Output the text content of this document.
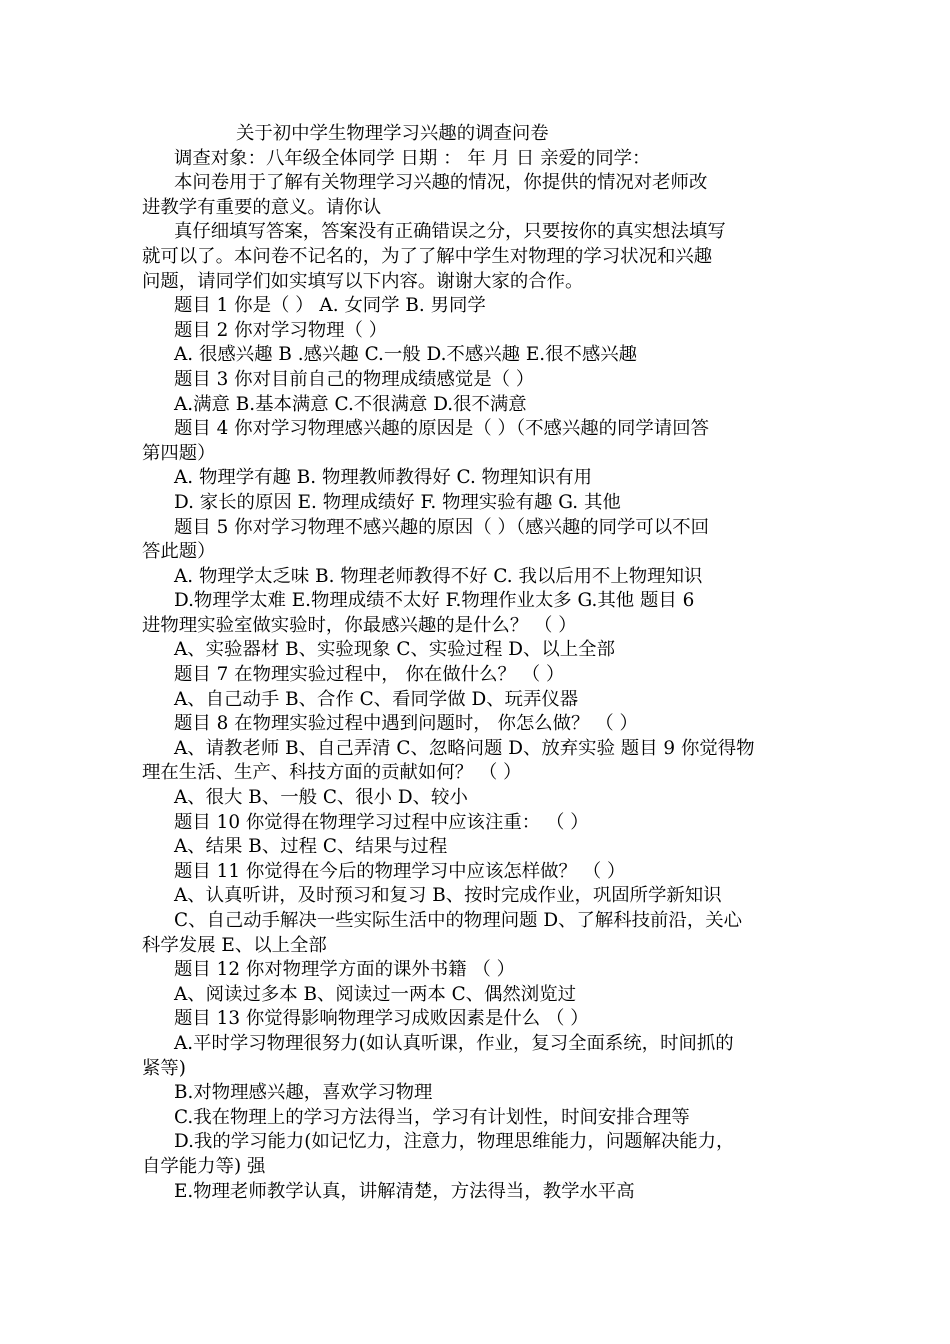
关于初中学生物理学习兴趣的调查问卷

调查对象：八年级全体同学 日期 ： 年 月 日 亲爱的同学：

本问卷用于了解有关物理学习兴趣的情况，你提供的情况对老师改

进教学有重要的意义。请你认

真仔细填写答案，答案没有正确错误之分，只要按你的真实想法填写

就可以了。本问卷不记名的，为了了解中学生对物理的学习状况和兴趣

问题，请同学们如实填写以下内容。谢谢大家的合作。

题目 1 你是（ ） A. 女同学 B. 男同学

题目 2 你对学习物理（ ）

A. 很感兴趣 B .感兴趣 C.一般 D.不感兴趣 E.很不感兴趣

题目 3 你对目前自己的物理成绩感觉是（ ）

A.满意 B.基本满意 C.不很满意 D.很不满意

题目 4 你对学习物理感兴趣的原因是（ ）（不感兴趣的同学请回答

第四题）

A. 物理学有趣 B. 物理教师教得好 C. 物理知识有用

D. 家长的原因 E. 物理成绩好 F. 物理实验有趣 G. 其他

题目 5 你对学习物理不感兴趣的原因（ ）（感兴趣的同学可以不回

答此题）

A. 物理学太乏味 B. 物理老师教得不好 C. 我以后用不上物理知识

D.物理学太难 E.物理成绩不太好 F.物理作业太多 G.其他 题目 6

进物理实验室做实验时，你最感兴趣的是什么？ （ ）

A、实验器材 B、实验现象 C、实验过程 D、以上全部

题目 7 在物理实验过程中， 你在做什么？ （ ）

A、自己动手 B、合作 C、看同学做 D、玩弄仪器

题目 8 在物理实验过程中遇到问题时， 你怎么做？ （ ）

A、请教老师 B、自己弄清 C、忽略问题 D、放弃实验 题目 9 你觉得物

理在生活、生产、科技方面的贡献如何？ （ ）

A、很大 B、一般 C、很小 D、较小

题目 10 你觉得在物理学习过程中应该注重： （ ）

A、结果 B、过程 C、结果与过程

题目 11 你觉得在今后的物理学习中应该怎样做？ （ ）

A、认真听讲，及时预习和复习 B、按时完成作业，巩固所学新知识

C、自己动手解决一些实际生活中的物理问题 D、了解科技前沿，关心

科学发展 E、以上全部

题目 12 你对物理学方面的课外书籍 （ ）

A、阅读过多本 B、阅读过一两本 C、偶然浏览过

题目 13 你觉得影响物理学习成败因素是什么 （ ）

A.平时学习物理很努力(如认真听课，作业，复习全面系统，时间抓的

紧等)

B.对物理感兴趣，喜欢学习物理

C.我在物理上的学习方法得当，学习有计划性，时间安排合理等

D.我的学习能力(如记忆力，注意力，物理思维能力，问题解决能力，

自学能力等) 强

E.物理老师教学认真，讲解清楚，方法得当，教学水平高
